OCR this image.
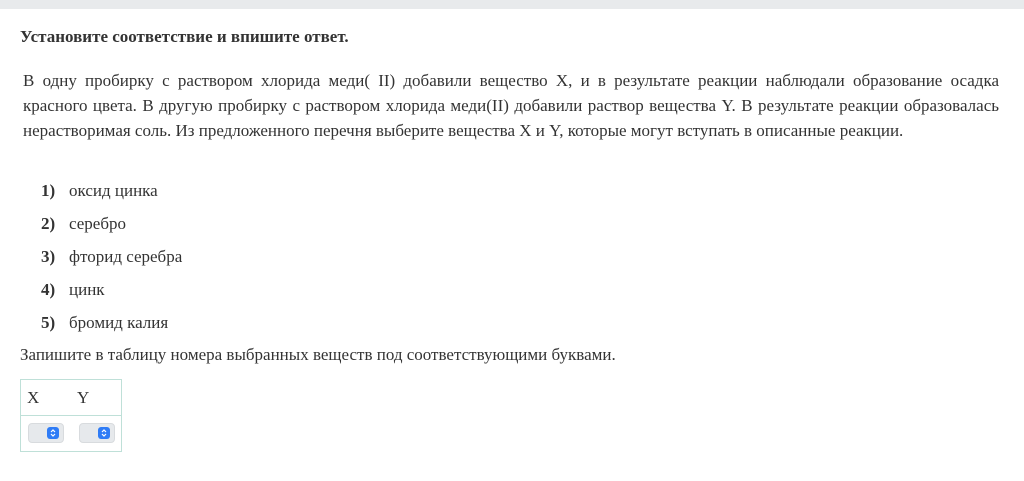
Установите соответствие и впишите ответ.
В одну пробирку с раствором хлорида меди( II) добавили вещество X, и в результате реакции наблюдали образование осадка красного цвета. В другую пробирку с раствором хлорида меди(II) добавили раствор вещества Y. В результате реакции образовалась нерастворимая соль. Из предложенного перечня выберите вещества X и Y, которые могут вступать в описанные реакции.
1) оксид цинка
2) серебро
3) фторид серебра
4) цинк
5) бромид калия
Запишите в таблицу номера выбранных веществ под соответствующими буквами.
X Y
